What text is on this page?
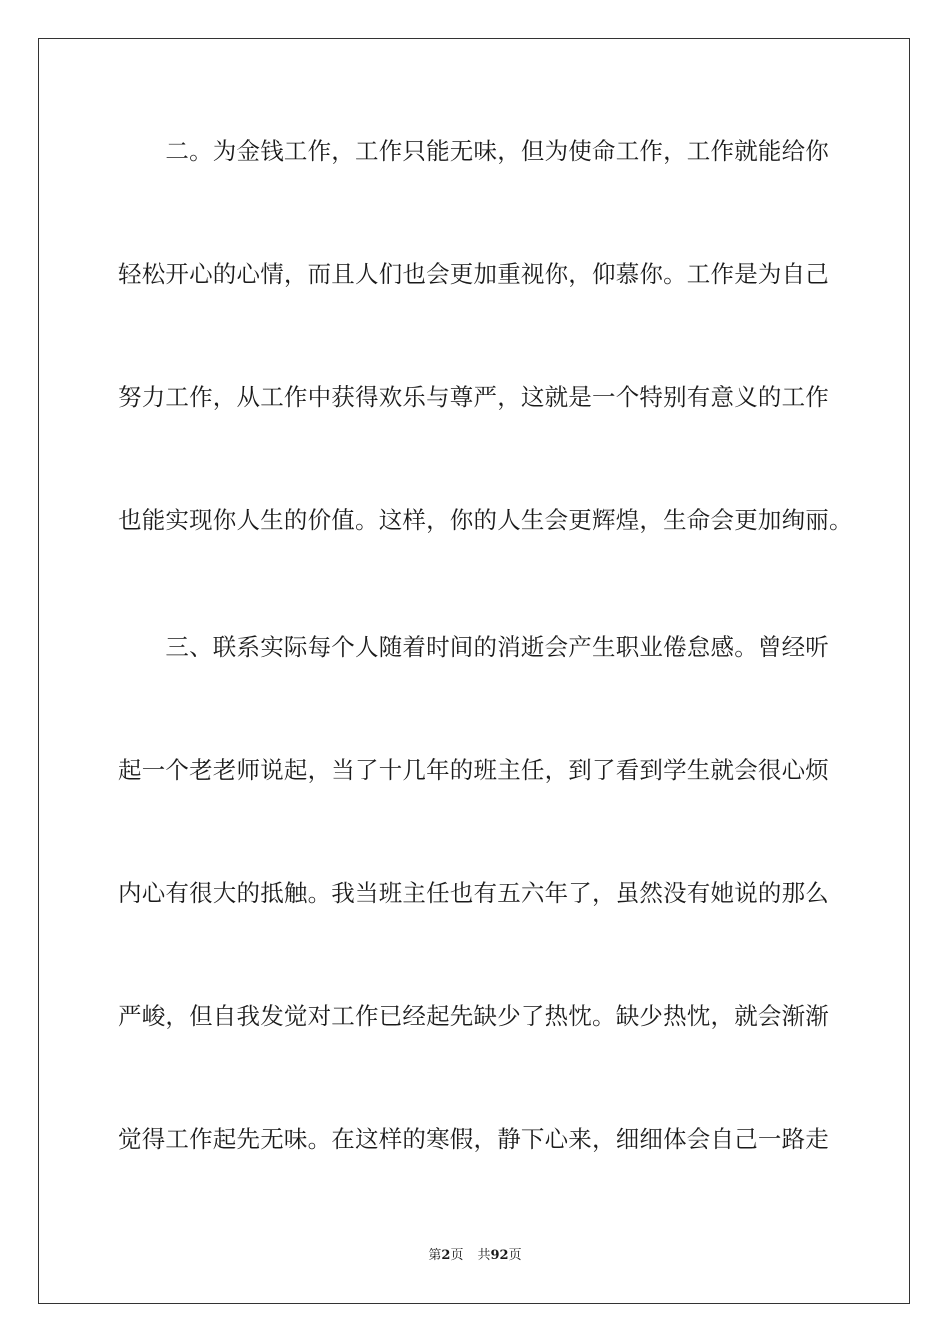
　　二。为金钱工作，工作只能无味，但为使命工作，工作就能给你
轻松开心的心情，而且人们也会更加重视你，仰慕你。工作是为自己
努力工作，从工作中获得欢乐与尊严，这就是一个特别有意义的工作
也能实现你人生的价值。这样，你的人生会更辉煌，生命会更加绚丽。
　　三、联系实际每个人随着时间的消逝会产生职业倦怠感。曾经听
起一个老老师说起，当了十几年的班主任，到了看到学生就会很心烦
内心有很大的抵触。我当班主任也有五六年了，虽然没有她说的那么
严峻，但自我发觉对工作已经起先缺少了热忱。缺少热忱，就会渐渐
觉得工作起先无味。在这样的寒假，静下心来，细细体会自己一路走
第2页 共92页
